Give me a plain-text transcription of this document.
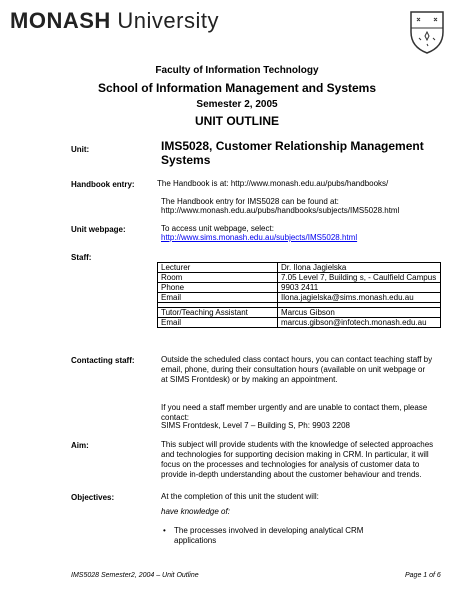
MONASH University
Faculty of Information Technology
School of Information Management and Systems
Semester 2, 2005
UNIT OUTLINE
Unit:	IMS5028, Customer Relationship Management Systems
Handbook entry:	The Handbook is at: http://www.monash.edu.au/pubs/handbooks/
The Handbook entry for IMS5028 can be found at:
http://www.monash.edu.au/pubs/handbooks/subjects/IMS5028.html
Unit webpage:	To access unit webpage, select:
http://www.sims.monash.edu.au/subjects/IMS5028.html
Staff:
Lecturer	Dr. Ilona Jagielska
Room	7.05 Level 7, Building s, - Caulfield Campus
Phone	9903 2411
Email	Ilona.jagielska@sims.monash.edu.au

Tutor/Teaching Assistant	Marcus Gibson
Email	marcus.gibson@infotech.monash.edu.au
Contacting staff:	Outside the scheduled class contact hours, you can contact teaching staff by email, phone, during their consultation hours (available on unit webpage or at SIMS Frontdesk) or by making an appointment.
If you need a staff member urgently and are unable to contact them, please contact:
SIMS Frontdesk, Level 7 – Building S, Ph: 9903 2208
Aim:	This subject will provide students with the knowledge of selected approaches and technologies for supporting decision making in CRM. In particular, it will focus on the processes and technologies for analysis of customer data to provide in-depth understanding about the customer behaviour and trends.
Objectives:	At the completion of this unit the student will:
have knowledge of:
• The processes involved in developing analytical CRM applications
IMS5028 Semester2, 2004 – Unit Outline	Page 1 of 6
